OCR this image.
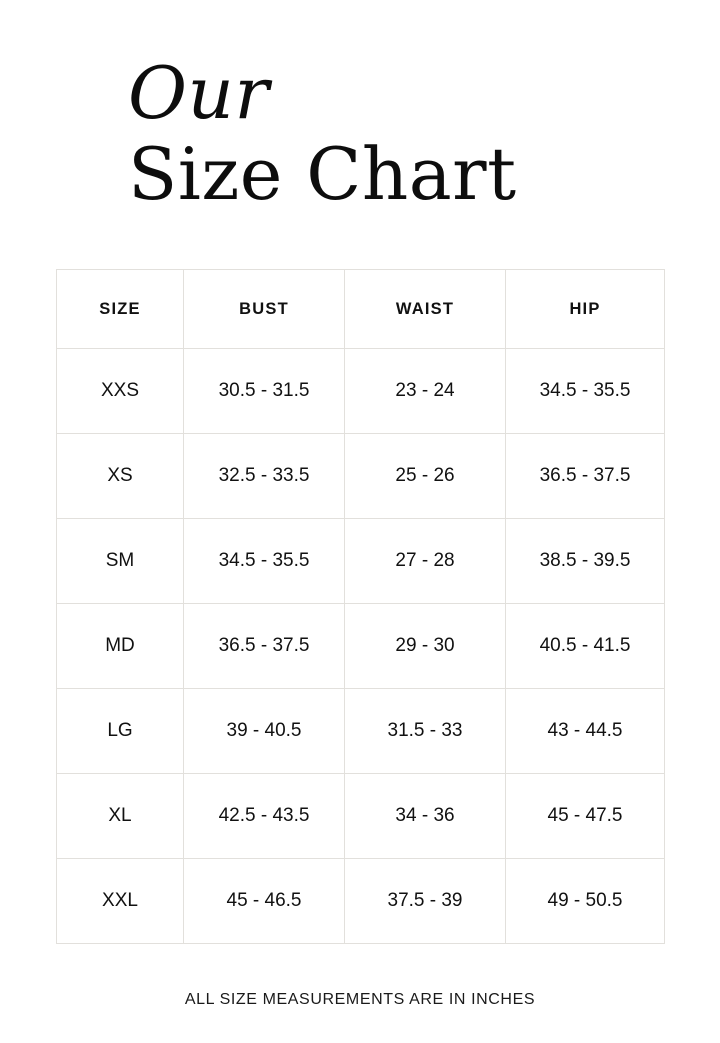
Our
Size Chart
SIZE	BUST	WAIST	HIP
XXS	30.5 - 31.5	23 - 24	34.5 - 35.5
XS	32.5 - 33.5	25 - 26	36.5 - 37.5
SM	34.5 - 35.5	27 - 28	38.5 - 39.5
MD	36.5 - 37.5	29 - 30	40.5 - 41.5
LG	39 - 40.5	31.5 - 33	43 - 44.5
XL	42.5 - 43.5	34 - 36	45 - 47.5
XXL	45 - 46.5	37.5 - 39	49 - 50.5
ALL SIZE MEASUREMENTS ARE IN INCHES
